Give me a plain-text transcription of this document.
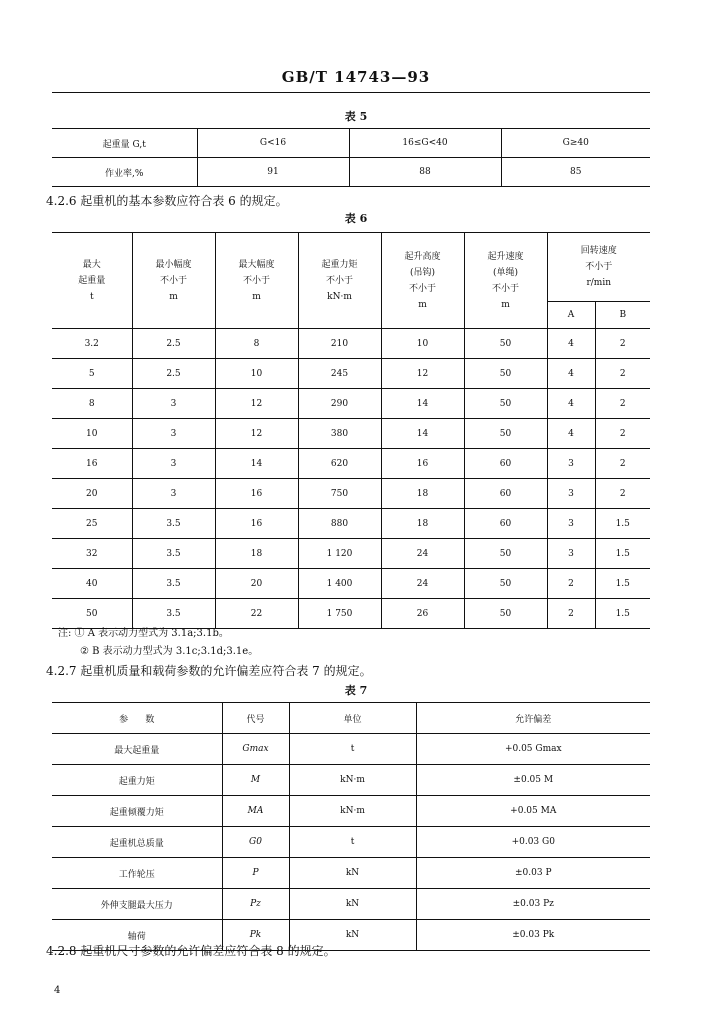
GB/T 14743—93
表 5
起重量 G,t	G<16	16≤G<40	G≥40
作业率,%	91	88	85
4.2.6 起重机的基本参数应符合表 6 的规定。
表 6
最大
起重量
t	最小幅度
不小于
m	最大幅度
不小于
m	起重力矩
不小于
kN·m	起升高度
(吊钩)
不小于
m	起升速度
(单绳)
不小于
m	回转速度
不小于
r/min	
						A	B
3.2	2.5	8	210	10	50	4	2
5	2.5	10	245	12	50	4	2
8	3	12	290	14	50	4	2
10	3	12	380	14	50	4	2
16	3	14	620	16	60	3	2
20	3	16	750	18	60	3	2
25	3.5	16	880	18	60	3	1.5
32	3.5	18	1 120	24	50	3	1.5
40	3.5	20	1 400	24	50	2	1.5
50	3.5	22	1 750	26	50	2	1.5
注: ① A 表示动力型式为 3.1a;3.1b。
② B 表示动力型式为 3.1c;3.1d;3.1e。
4.2.7 起重机质量和载荷参数的允许偏差应符合表 7 的规定。
表 7
参      数	代号	单位	允许偏差
最大起重量	Gmax	t	+0.05 Gmax
起重力矩	M	kN·m	±0.05 M
起重倾覆力矩	MA	kN·m	+0.05 MA
起重机总质量	G0	t	+0.03 G0
工作轮压	P	kN	±0.03 P
外伸支腿最大压力	Pz	kN	±0.03 Pz
轴荷	Pk	kN	±0.03 Pk
4.2.8 起重机尺寸参数的允许偏差应符合表 8 的规定。
4
